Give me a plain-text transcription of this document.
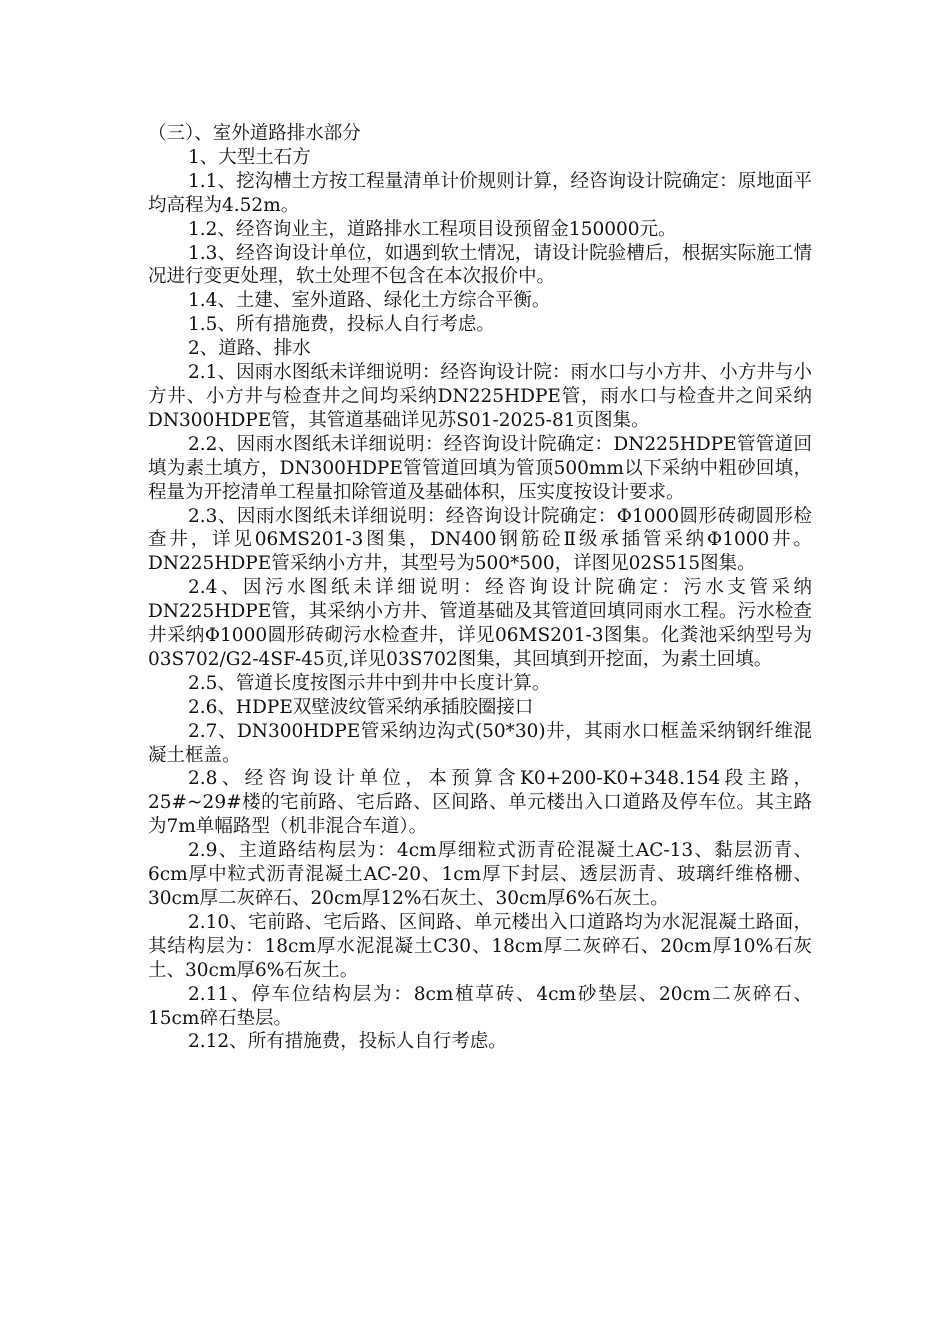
（三）、室外道路排水部分

1、大型土石方

1.1、挖沟槽土方按工程量清单计价规则计算，经咨询设计院确定：原地面平均高程为4.52m。

1.2、经咨询业主，道路排水工程项目设预留金150000元。

1.3、经咨询设计单位，如遇到软土情况，请设计院验槽后，根据实际施工情况进行变更处理，软土处理不包含在本次报价中。

1.4、土建、室外道路、绿化土方综合平衡。

1.5、所有措施费，投标人自行考虑。

2、道路、排水

2.1、因雨水图纸未详细说明：经咨询设计院：雨水口与小方井、小方井与小方井、小方井与检查井之间均采纳DN225HDPE管，雨水口与检查井之间采纳DN300HDPE管，其管道基础详见苏S01-2025-81页图集。

2.2、因雨水图纸未详细说明：经咨询设计院确定：DN225HDPE管管道回填为素土填方，DN300HDPE管管道回填为管顶500mm以下采纳中粗砂回填，程量为开挖清单工程量扣除管道及基础体积，压实度按设计要求。

2.3、因雨水图纸未详细说明：经咨询设计院确定：Φ1000圆形砖砌圆形检查井，详见06MS201-3图集，DN400钢筋砼Ⅱ级承插管采纳Φ1000井。DN225HDPE管采纳小方井，其型号为500*500，详图见02S515图集。

2.4、因污水图纸未详细说明：经咨询设计院确定：污水支管采纳DN225HDPE管，其采纳小方井、管道基础及其管道回填同雨水工程。污水检查井采纳Φ1000圆形砖砌污水检查井，详见06MS201-3图集。化粪池采纳型号为03S702/G2-4SF-45页,详见03S702图集，其回填到开挖面，为素土回填。

2.5、管道长度按图示井中到井中长度计算。

2.6、HDPE双壁波纹管采纳承插胶圈接口

2.7、DN300HDPE管采纳边沟式(50*30)井，其雨水口框盖采纳钢纤维混凝土框盖。

2.8、经咨询设计单位，本预算含K0+200-K0+348.154段主路，25#~29#楼的宅前路、宅后路、区间路、单元楼出入口道路及停车位。其主路为7m单幅路型（机非混合车道）。

2.9、主道路结构层为：4cm厚细粒式沥青砼混凝土AC-13、黏层沥青、6cm厚中粒式沥青混凝土AC-20、1cm厚下封层、透层沥青、玻璃纤维格栅、30cm厚二灰碎石、20cm厚12%石灰土、30cm厚6%石灰土。

2.10、宅前路、宅后路、区间路、单元楼出入口道路均为水泥混凝土路面，其结构层为：18cm厚水泥混凝土C30、18cm厚二灰碎石、20cm厚10%石灰土、30cm厚6%石灰土。

2.11、停车位结构层为：8cm植草砖、4cm砂垫层、20cm二灰碎石、15cm碎石垫层。

2.12、所有措施费，投标人自行考虑。
